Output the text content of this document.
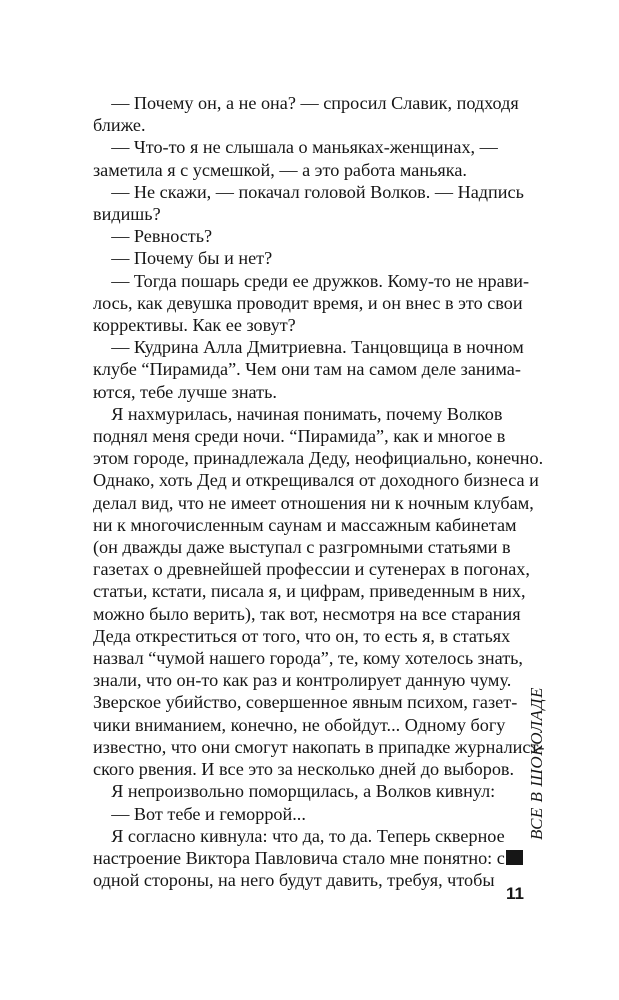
— Почему он, а не она? — спросил Славик, подходя
ближе.
— Что-то я не слышала о маньяках-женщинах, —
заметила я с усмешкой, — а это работа маньяка.
— Не скажи, — покачал головой Волков. — Надпись
видишь?
— Ревность?
— Почему бы и нет?
— Тогда пошарь среди ее дружков. Кому-то не нрави-
лось, как девушка проводит время, и он внес в это свои
коррективы. Как ее зовут?
— Кудрина Алла Дмитриевна. Танцовщица в ночном
клубе “Пирамида”. Чем они там на самом деле занима-
ются, тебе лучше знать.
Я нахмурилась, начиная понимать, почему Волков
поднял меня среди ночи. “Пирамида”, как и многое в
этом городе, принадлежала Деду, неофициально, конечно.
Однако, хоть Дед и открещивался от доходного бизнеса и
делал вид, что не имеет отношения ни к ночным клубам,
ни к многочисленным саунам и массажным кабинетам
(он дважды даже выступал с разгромными статьями в
газетах о древнейшей профессии и сутенерах в погонах,
статьи, кстати, писала я, и цифрам, приведенным в них,
можно было верить), так вот, несмотря на все старания
Деда откреститься от того, что он, то есть я, в статьях
назвал “чумой нашего города”, те, кому хотелось знать,
знали, что он-то как раз и контролирует данную чуму.
Зверское убийство, совершенное явным психом, газет-
чики вниманием, конечно, не обойдут... Одному богу
известно, что они смогут накопать в припадке журналист-
ского рвения. И все это за несколько дней до выборов.
Я непроизвольно поморщилась, а Волков кивнул:
— Вот тебе и геморрой...
Я согласно кивнула: что да, то да. Теперь скверное
настроение Виктора Павловича стало мне понятно: с
одной стороны, на него будут давить, требуя, чтобы
ВСЕ В ШОКОЛАДЕ
11
